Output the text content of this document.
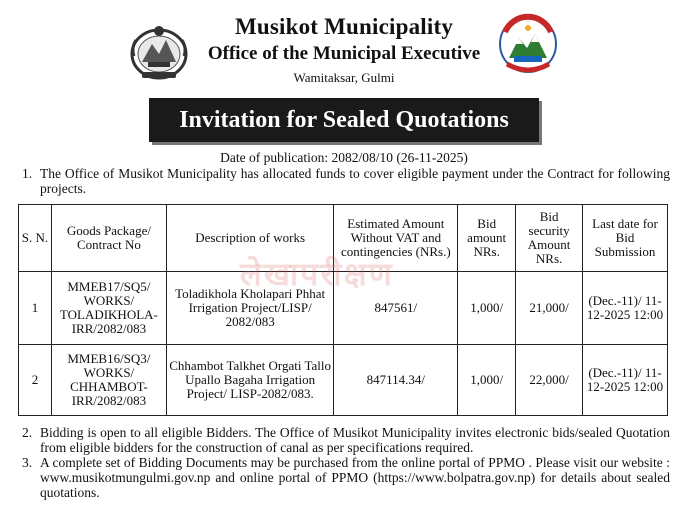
Musikot Municipality
Office of the Municipal Executive
Wamitaksar, Gulmi
Invitation for Sealed Quotations
Date of publication: 2082/08/10 (26-11-2025)
1. The Office of Musikot Municipality has allocated funds to cover eligible payment under the Contract for following projects.
S. N.	Goods Package/ Contract No	Description of works	Estimated Amount Without VAT and contingencies (NRs.)	Bid amount NRs.	Bid security Amount NRs.	Last date for Bid Submission
1	MMEB17/SQ5/ WORKS/ TOLADIKHOLA-IRR/2082/083	Toladikhola Kholapari Phhat Irrigation Project/LISP/ 2082/083	847561/	1,000/	21,000/	(Dec.-11)/ 11-12-2025 12:00
2	MMEB16/SQ3/ WORKS/ CHHAMBOT-IRR/2082/083	Chhambot Talkhet Orgati Tallo Upallo Bagaha Irrigation Project/ LISP-2082/083.	847114.34/	1,000/	22,000/	(Dec.-11)/ 11-12-2025 12:00
लेखापरीक्षण
2. Bidding is open to all eligible Bidders. The Office of Musikot Municipality invites electronic bids/sealed Quotation from eligible bidders for the construction of canal as per specifications required.
3. A complete set of Bidding Documents may be purchased from the online portal of PPMO . Please visit our website : www.musikotmungulmi.gov.np and online portal of PPMO (https://www.bolpatra.gov.np) for details about sealed quotations.
